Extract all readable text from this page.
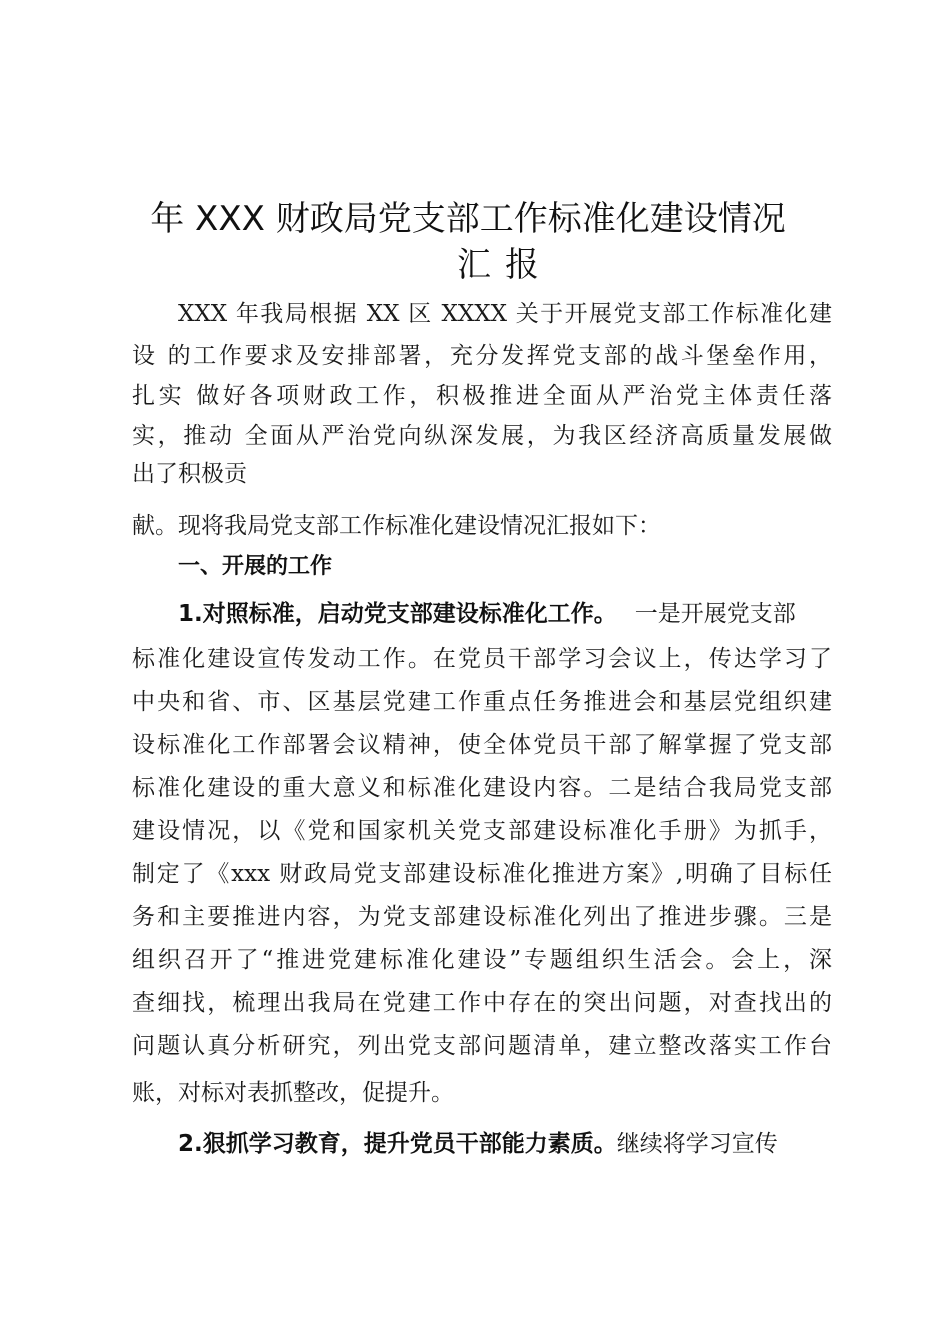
年 XXX 财政局党支部工作标准化建设情况
汇报
XXX 年我局根据 XX 区 XXXX 关于开展党支部工作标准化建
设 的工作要求及安排部署，充分发挥党支部的战斗堡垒作用，
扎实 做好各项财政工作，积极推进全面从严治党主体责任落
实，推动 全面从严治党向纵深发展，为我区经济高质量发展做
出了积极贡
献。现将我局党支部工作标准化建设情况汇报如下：
一、开展的工作
1.对照标准，启动党支部建设标准化工作。 一是开展党支部
标准化建设宣传发动工作。在党员干部学习会议上，传达学习了
中央和省、市、区基层党建工作重点任务推进会和基层党组织建
设标准化工作部署会议精神，使全体党员干部了解掌握了党支部
标准化建设的重大意义和标准化建设内容。二是结合我局党支部
建设情况，以《党和国家机关党支部建设标准化手册》为抓手，
制定了《xxx 财政局党支部建设标准化推进方案》,明确了目标任
务和主要推进内容，为党支部建设标准化列出了推进步骤。三是
组织召开了“推进党建标准化建设”专题组织生活会。会上，深
查细找，梳理出我局在党建工作中存在的突出问题，对查找出的
问题认真分析研究，列出党支部问题清单，建立整改落实工作台
账，对标对表抓整改，促提升。
2.狠抓学习教育，提升党员干部能力素质。继续将学习宣传
